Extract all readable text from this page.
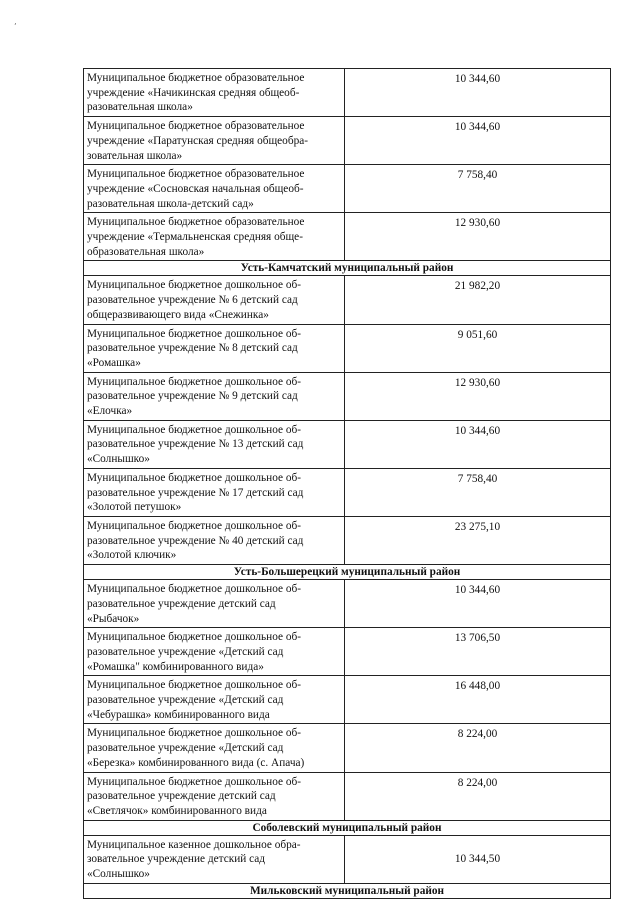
ʼ
Муниципальное бюджетное образовательное
учреждение «Начикинская средняя общеоб-
разовательная школа»
10 344,60
Муниципальное бюджетное образовательное
учреждение «Паратунская средняя общеобра-
зовательная школа»
10 344,60
Муниципальное бюджетное образовательное
учреждение «Сосновская начальная общеоб-
разовательная школа-детский сад»
7 758,40
Муниципальное бюджетное образовательное
учреждение «Термальненская средняя обще-
образовательная школа»
12 930,60
Усть-Камчатский муниципальный район
Муниципальное бюджетное дошкольное об-
разовательное учреждение № 6 детский сад
общеразвивающего вида «Снежинка»
21 982,20
Муниципальное бюджетное дошкольное об-
разовательное учреждение № 8 детский сад
«Ромашка»
9 051,60
Муниципальное бюджетное дошкольное об-
разовательное учреждение № 9 детский сад
«Елочка»
12 930,60
Муниципальное бюджетное дошкольное об-
разовательное учреждение № 13 детский сад
«Солнышко»
10 344,60
Муниципальное бюджетное дошкольное об-
разовательное учреждение № 17 детский сад
«Золотой петушок»
7 758,40
Муниципальное бюджетное дошкольное об-
разовательное учреждение № 40 детский сад
«Золотой ключик»
23 275,10
Усть-Большерецкий муниципальный район
Муниципальное бюджетное дошкольное об-
разовательное учреждение детский сад
«Рыбачок»
10 344,60
Муниципальное бюджетное дошкольное об-
разовательное учреждение «Детский сад
«Ромашка" комбинированного вида»
13 706,50
Муниципальное бюджетное дошкольное об-
разовательное учреждение «Детский сад
«Чебурашка» комбинированного вида
16 448,00
Муниципальное бюджетное дошкольное об-
разовательное учреждение «Детский сад
«Березка» комбинированного вида (с. Апача)
8 224,00
Муниципальное бюджетное дошкольное об-
разовательное учреждение детский сад
«Светлячок» комбинированного вида
8 224,00
Соболевский муниципальный район
Муниципальное казенное дошкольное обра-
зовательное учреждение детский сад
«Солнышко»
10 344,50
Мильковский муниципальный район
